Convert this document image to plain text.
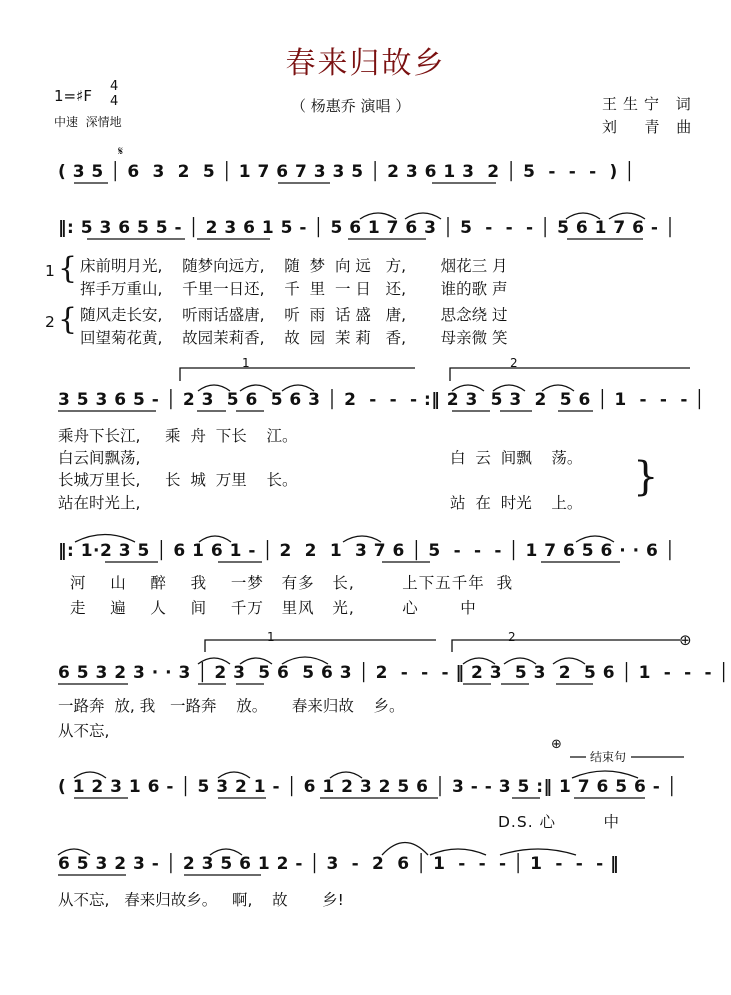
春来归故乡
1=♯F
4
4	（ 杨惠乔 演唱 ）
中速  深情地
王生宁 词
刘  青 曲
𝄋
( 3 5 │ 6  3  2  5 │ 1 7 6 7 3 3 5 │ 2 3 6 1 3  2 │ 5  -  -  -  ) │
‖: 5 3 6 5 5 - │ 2 3 6 1 5 - │ 5 6 1 7 6 3 │ 5  -  -  - │ 5 6 1 7 6 - │
1 { 床前明月光,    随梦向远方,    随  梦  向 远   方,       烟花三 月
挥手万重山,    千里一日还,    千  里  一 日   还,       谁的歌 声
2 { 随风走长安,    听雨话盛唐,    听  雨  话 盛   唐,       思念绕 过
回望菊花黄,    故园茉莉香,    故  园  茉 莉   香,       母亲微 笑
1	2
3 5 3 6 5 - │ 2 3  5 6  5 6 3 │ 2  -  -  - :‖ 2 3  5 3  2  5 6 │ 1  -  -  - │
乘舟下长江,     乘  舟  下长    江。
白云间飘荡,	白  云  间飘    荡。
长城万里长,     长  城  万里    长。
站在时光上,	站  在  时光    上。
}
‖: 1·2 3 5 │ 6 1 6 1 - │ 2  2  1  3 7 6 │ 5  -  -  - │ 1 7 6 5 6 · · 6 │
河    山    醉    我    一梦   有多   长,        上下五千年  我
走    遍    人    间    千万   里风   光,        心       中
1	2	⊕
6 5 3 2 3 · · 3 │ 2 3  5 6  5 6 3 │ 2  -  -  - ‖ 2 3  5 3  2  5 6 │ 1  -  -  - │
一路奔  放, 我   一路奔    放。     春来归故    乡。
从不忘,
⊕
结束句
( 1 2 3 1 6 - │ 5 3 2 1 - │ 6 1 2 3 2 5 6 │ 3 - - 3 5 :‖ 1 7 6 5 6 - │
D.S. 心        中
6 5 3 2 3 - │ 2 3 5 6 1 2 - │ 3  -  2  6 │ 1  -  -  - │ 1  -  -  - ‖
从不忘,   春来归故乡。   啊,    故       乡!
